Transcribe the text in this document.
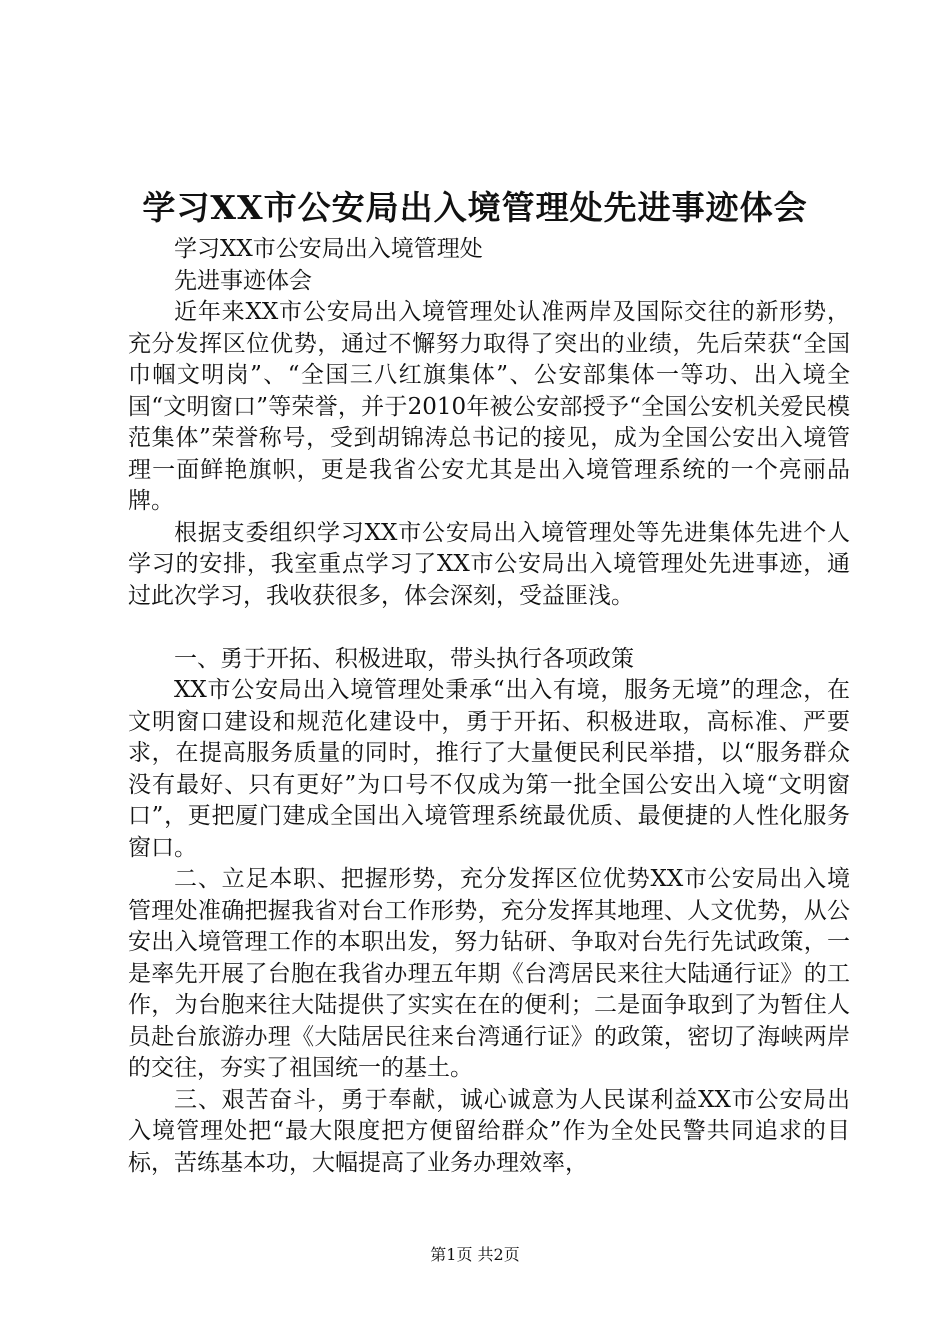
学习XX市公安局出入境管理处先进事迹体会

学习XX市公安局出入境管理处

先进事迹体会

近年来XX市公安局出入境管理处认准两岸及国际交往的新形势，充分发挥区位优势，通过不懈努力取得了突出的业绩，先后荣获“全国巾帼文明岗”、“全国三八红旗集体”、公安部集体一等功、出入境全国“文明窗口”等荣誉，并于2010年被公安部授予“全国公安机关爱民模范集体”荣誉称号，受到胡锦涛总书记的接见，成为全国公安出入境管理一面鲜艳旗帜，更是我省公安尤其是出入境管理系统的一个亮丽品牌。

根据支委组织学习XX市公安局出入境管理处等先进集体先进个人学习的安排，我室重点学习了XX市公安局出入境管理处先进事迹，通过此次学习，我收获很多，体会深刻，受益匪浅。

一、勇于开拓、积极进取，带头执行各项政策

XX市公安局出入境管理处秉承“出入有境，服务无境”的理念，在文明窗口建设和规范化建设中，勇于开拓、积极进取，高标准、严要求，在提高服务质量的同时，推行了大量便民利民举措，以“服务群众没有最好、只有更好”为口号不仅成为第一批全国公安出入境“文明窗口”，更把厦门建成全国出入境管理系统最优质、最便捷的人性化服务窗口。

二、立足本职、把握形势，充分发挥区位优势XX市公安局出入境管理处准确把握我省对台工作形势，充分发挥其地理、人文优势，从公安出入境管理工作的本职出发，努力钻研、争取对台先行先试政策，一是率先开展了台胞在我省办理五年期《台湾居民来往大陆通行证》的工作，为台胞来往大陆提供了实实在在的便利；二是面争取到了为暂住人员赴台旅游办理《大陆居民往来台湾通行证》的政策，密切了海峡两岸的交往，夯实了祖国统一的基土。

三、艰苦奋斗，勇于奉献，诚心诚意为人民谋利益XX市公安局出入境管理处把“最大限度把方便留给群众”作为全处民警共同追求的目标，苦练基本功，大幅提高了业务办理效率，

第1页 共2页
